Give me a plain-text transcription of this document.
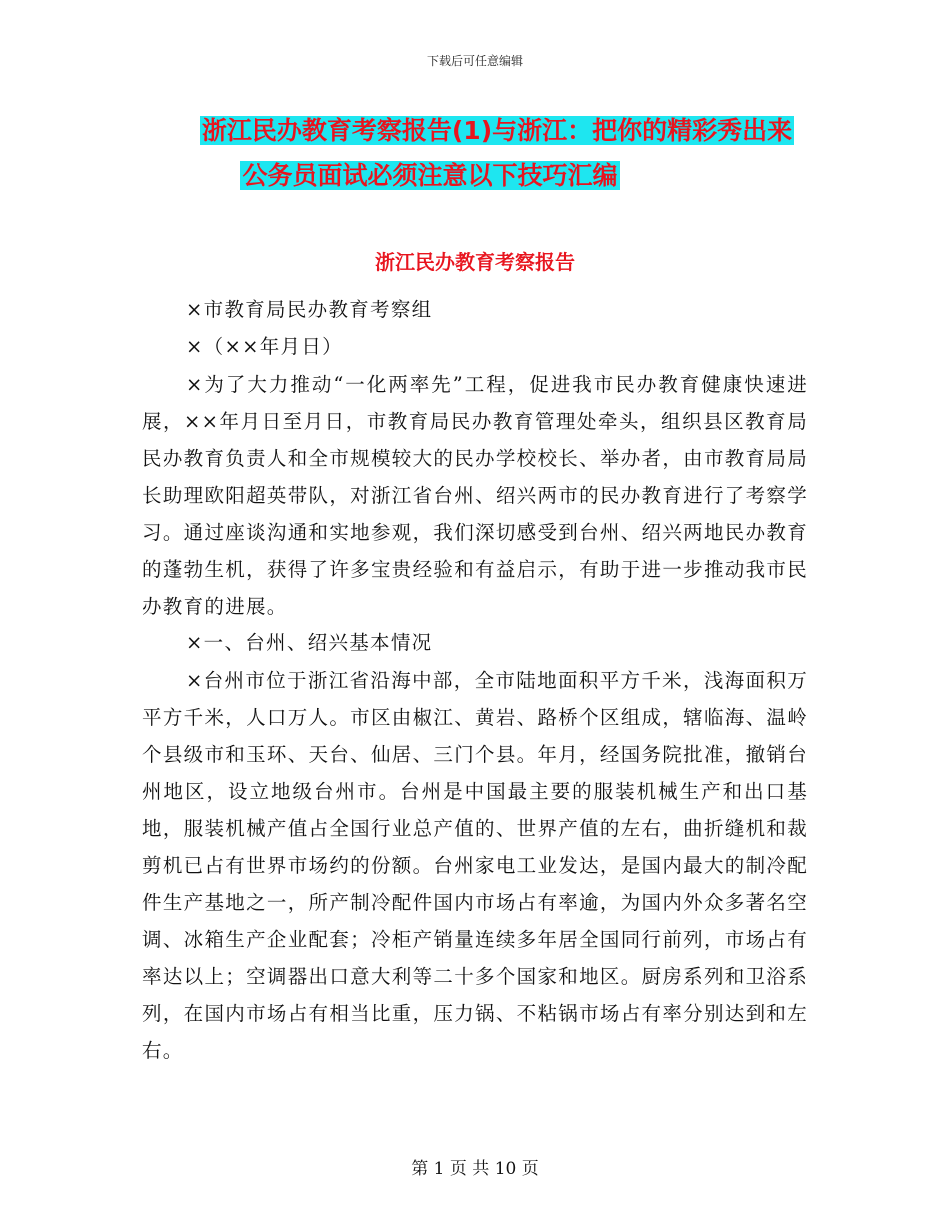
下载后可任意编辑
浙江民办教育考察报告(1)与浙江：把你的精彩秀出来
公务员面试必须注意以下技巧汇编
浙江民办教育考察报告
×市教育局民办教育考察组
×（××年月日）
×为了大力推动“一化两率先”工程，促进我市民办教育健康快速进展，××年月日至月日，市教育局民办教育管理处牵头，组织县区教育局民办教育负责人和全市规模较大的民办学校校长、举办者，由市教育局局长助理欧阳超英带队，对浙江省台州、绍兴两市的民办教育进行了考察学习。通过座谈沟通和实地参观，我们深切感受到台州、绍兴两地民办教育的蓬勃生机，获得了许多宝贵经验和有益启示，有助于进一步推动我市民办教育的进展。
×一、台州、绍兴基本情况
×台州市位于浙江省沿海中部，全市陆地面积平方千米，浅海面积万平方千米，人口万人。市区由椒江、黄岩、路桥个区组成，辖临海、温岭个县级市和玉环、天台、仙居、三门个县。年月，经国务院批准，撤销台州地区，设立地级台州市。台州是中国最主要的服装机械生产和出口基地，服装机械产值占全国行业总产值的、世界产值的左右，曲折缝机和裁剪机已占有世界市场约的份额。台州家电工业发达，是国内最大的制冷配件生产基地之一，所产制冷配件国内市场占有率逾，为国内外众多著名空调、冰箱生产企业配套；冷柜产销量连续多年居全国同行前列，市场占有率达以上；空调器出口意大利等二十多个国家和地区。厨房系列和卫浴系列，在国内市场占有相当比重，压力锅、不粘锅市场占有率分别达到和左右。
第 1 页 共 10 页
